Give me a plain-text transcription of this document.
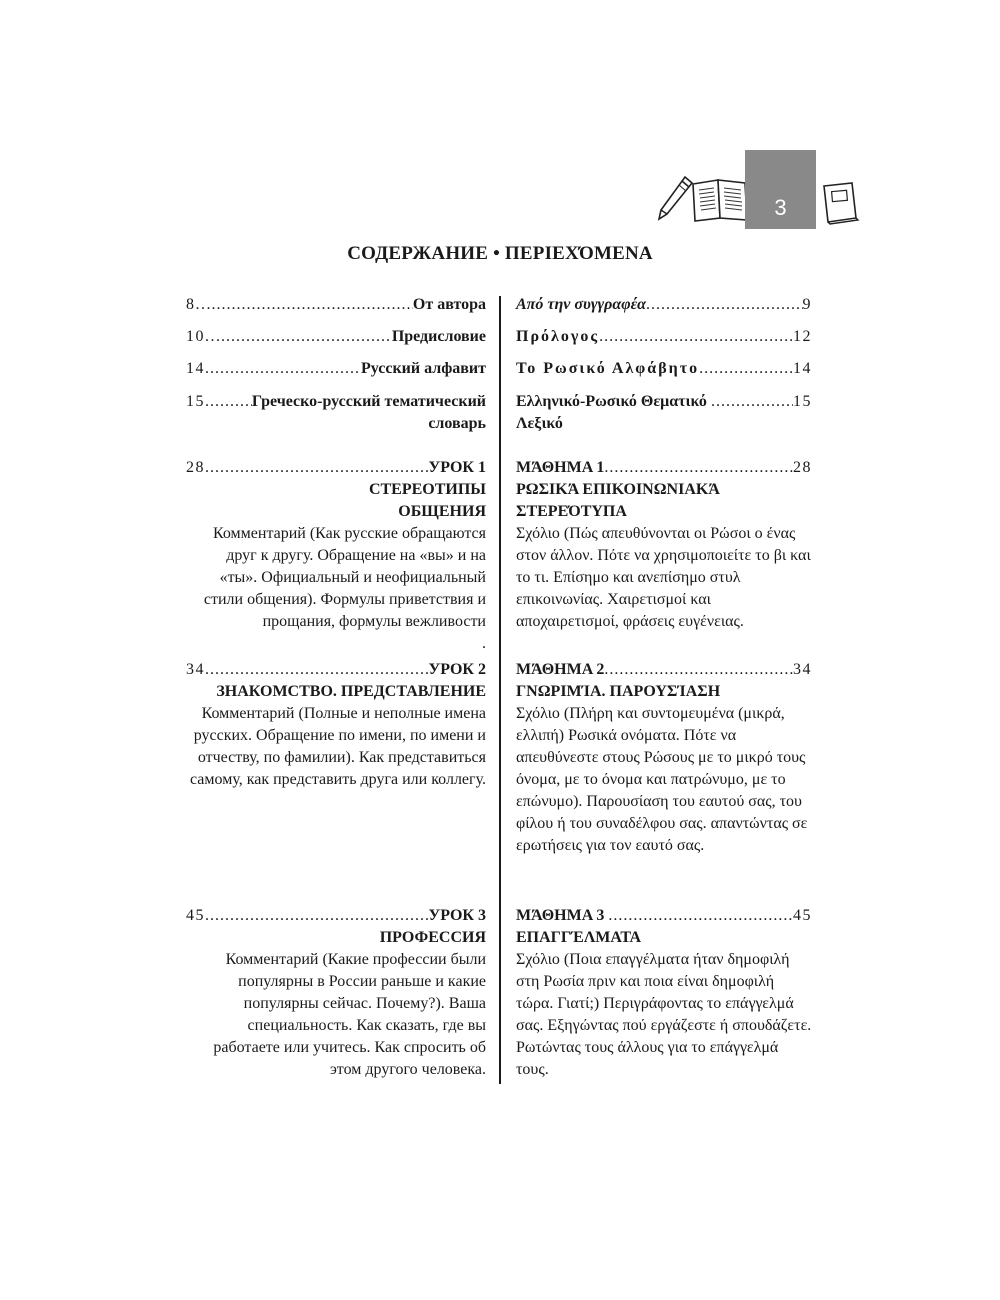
3
СОДЕРЖАНИЕ • ΠΕΡΙΕΧΌΜΕΝΑ
8.. .....	От автора
10.. .....	Предисловие
14 .....	Русский алфавит
15 .....	Греческо-русский тематический
словарь
28 .....	УРОК 1
СТЕРЕОТИПЫ
ОБЩЕНИЯ
Комментарий (Как русские обращаются друг к другу. Обращение на «вы» и на «ты». Официальный и неофициальный стили общения). Формулы приветствия и прощания, формулы вежливости
.
34 .....	УРОК 2
ЗНАКОМСТВО. ПРЕДСТАВЛЕНИЕ
Комментарий (Полные и неполные имена русских. Обращение по имени, по имени и отчеству, по фамилии). Как представиться самому, как представить друга или коллегу.
45 .....	УРОК 3
ПРОФЕССИЯ
Комментарий (Какие профессии были популярны в России раньше и какие популярны сейчас. Почему?). Ваша специальность. Как сказать, где вы работаете или учитесь. Как спросить об этом другого человека.
Από την συγγραφέα .....	9
Πρόλογος .....	12
Το Ρωσικό Αλφάβητο .....	14
Ελληνικό-Ρωσικό Θεματικό .....	15
Λεξικό
ΜΆΘΗΜΑ 1 .....	28
ΡΩΣΙΚΆ ΕΠΙΚΟΙΝΩΝΙΑΚΆ
ΣΤΕΡΕΌΤΥΠΑ
Σχόλιο (Πώς απευθύνονται οι Ρώσοι ο ένας στον άλλον. Πότε να χρησιμοποιείτε το βι και το τι. Επίσημο και ανεπίσημο στυλ επικοινωνίας. Χαιρετισμοί και αποχαιρετισμοί, φράσεις ευγένειας.
ΜΆΘΗΜΑ 2 .....	34
ΓΝΩΡΙΜΊΑ. ΠΑΡΟΥΣΊΑΣΗ
Σχόλιο (Πλήρη και συντομευμένα (μικρά, ελλιπή) Ρωσικά ονόματα. Πότε να απευθύνεστε στους Ρώσους με το μικρό τους όνομα, με το όνομα και πατρώνυμο, με το επώνυμο). Παρουσίαση του εαυτού σας, του φίλου ή του συναδέλφου σας. απαντώντας σε ερωτήσεις για τον εαυτό σας.
ΜΆΘΗΜΑ 3 .....	45
ΕΠΑΓΓΈΛΜΑΤΑ
Σχόλιο (Ποια επαγγέλματα ήταν δημοφιλή στη Ρωσία πριν και ποια είναι δημοφιλή τώρα. Γιατί;) Περιγράφοντας το επάγγελμά σας. Εξηγώντας πού εργάζεστε ή σπουδάζετε. Ρωτώντας τους άλλους για το επάγγελμά τους.
